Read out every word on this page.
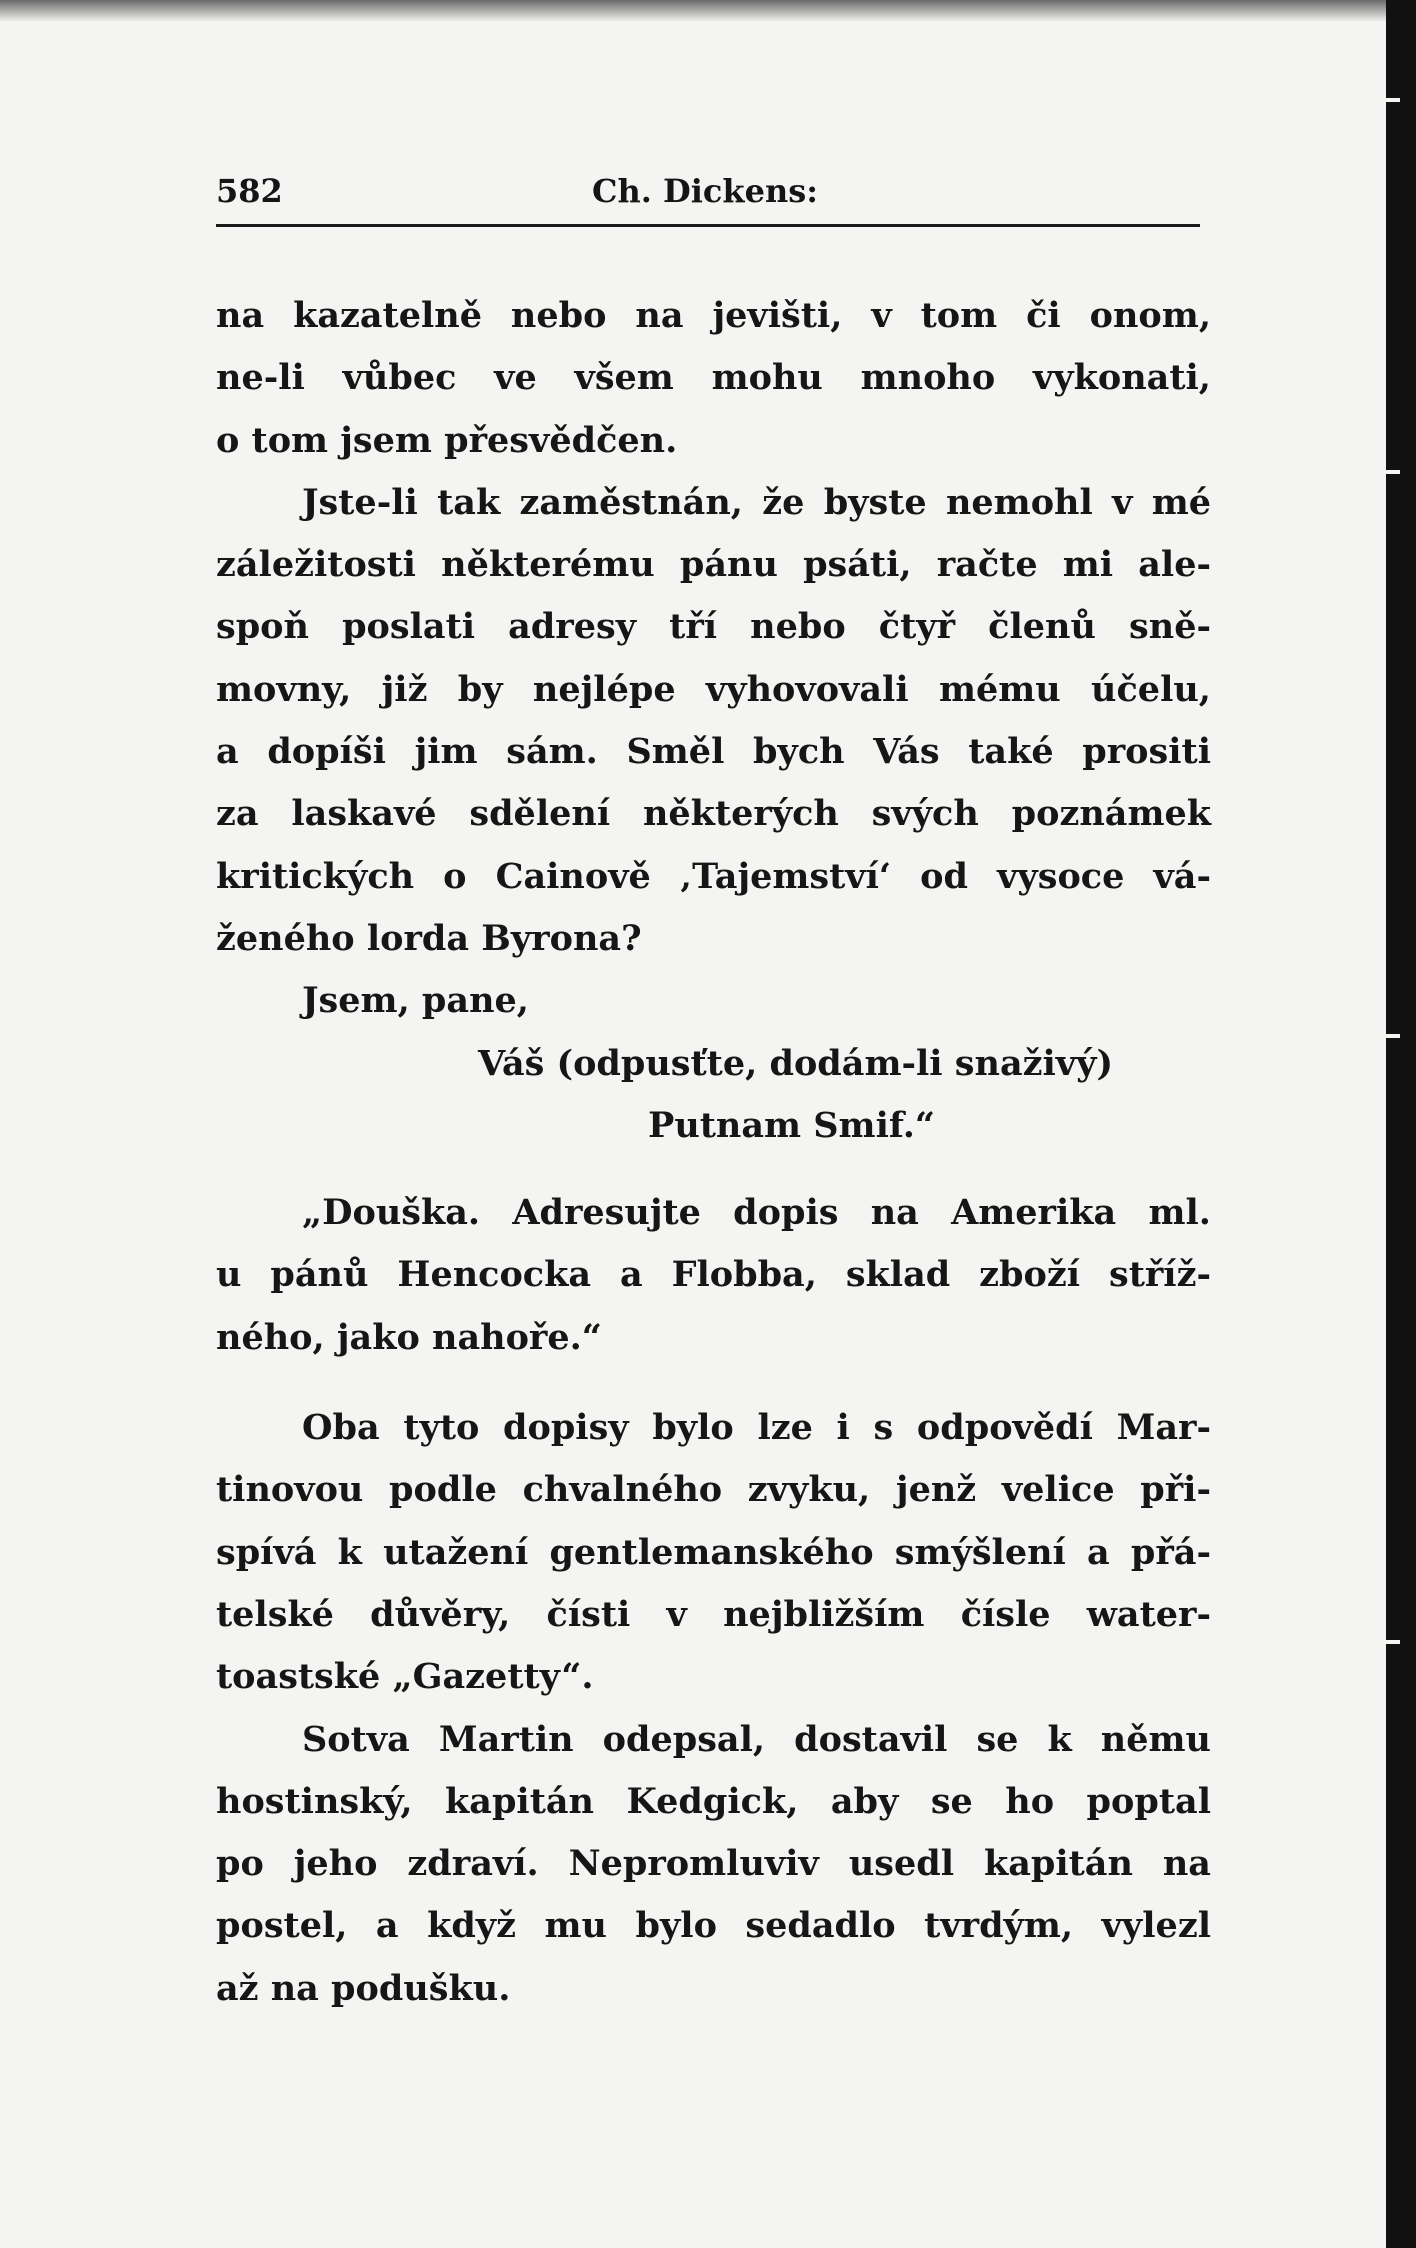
582	Ch. Dickens:
na kazatelně nebo na jevišti, v tom či onom,
ne-li vůbec ve všem mohu mnoho vykonati,
o tom jsem přesvědčen.
Jste-li tak zaměstnán, že byste nemohl v mé
záležitosti některému pánu psáti, račte mi ale-
spoň poslati adresy tří nebo čtyř členů sně-
movny, již by nejlépe vyhovovali mému účelu,
a dopíši jim sám. Směl bych Vás také prositi
za laskavé sdělení některých svých poznámek
kritických o Cainově ‚Tajemství‘ od vysoce vá-
ženého lorda Byrona?
Jsem, pane,
Váš (odpusťte, dodám-li snaživý)
Putnam Smif.“
„Douška. Adresujte dopis na Amerika ml.
u pánů Hencocka a Flobba, sklad zboží stříž-
ného, jako nahoře.“
Oba tyto dopisy bylo lze i s odpovědí Mar-
tinovou podle chvalného zvyku, jenž velice při-
spívá k utažení gentlemanského smýšlení a přá-
telské důvěry, čísti v nejbližším čísle water-
toastské „Gazetty“.
Sotva Martin odepsal, dostavil se k němu
hostinský, kapitán Kedgick, aby se ho poptal
po jeho zdraví. Nepromluviv usedl kapitán na
postel, a když mu bylo sedadlo tvrdým, vylezl
až na podušku.
